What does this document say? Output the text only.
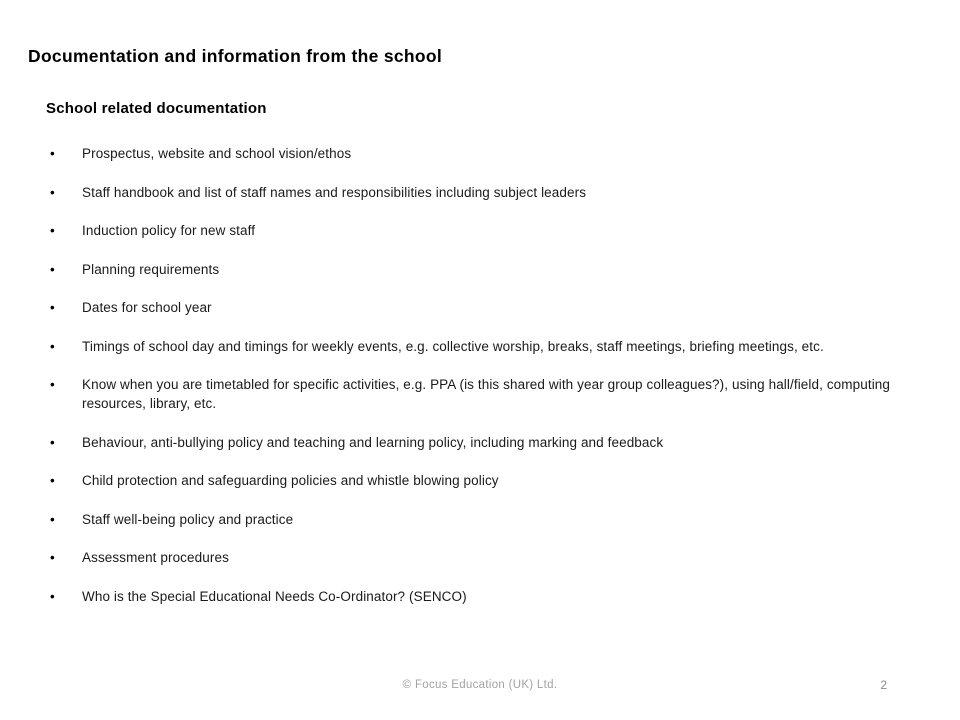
Documentation and information from the school
School related documentation
• Prospectus, website and school vision/ethos
• Staff handbook and list of staff names and responsibilities including subject leaders
• Induction policy for new staff
• Planning requirements
• Dates for school year
• Timings of school day and timings for weekly events, e.g. collective worship, breaks, staff meetings, briefing meetings, etc.
• Know when you are timetabled for specific activities, e.g. PPA (is this shared with year group colleagues?), using hall/field, computing resources, library, etc.
• Behaviour, anti-bullying policy and teaching and learning policy, including marking and feedback
• Child protection and safeguarding policies and whistle blowing policy
• Staff well-being policy and practice
• Assessment procedures
• Who is the Special Educational Needs Co-Ordinator? (SENCO)
© Focus Education (UK) Ltd.	2
